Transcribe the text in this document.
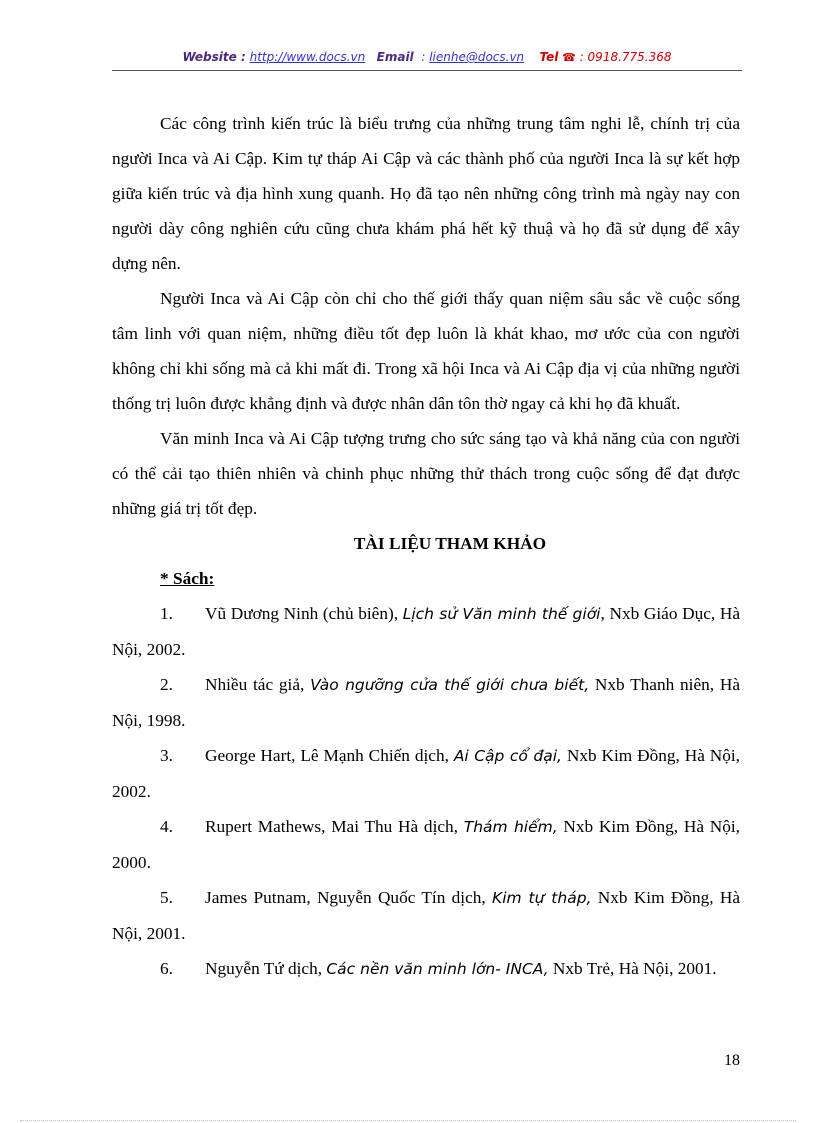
Website : http://www.docs.vn Email : lienhe@docs.vn Tel ☎ : 0918.775.368

Các công trình kiến trúc là biểu trưng của những trung tâm nghi lễ, chính trị của người Inca và Ai Cập. Kim tự tháp Ai Cập và các thành phố của người Inca là sự kết hợp giữa kiến trúc và địa hình xung quanh. Họ đã tạo nên những công trình mà ngày nay con người dày công nghiên cứu cũng chưa khám phá hết kỹ thuậ và họ đã sử dụng để xây dựng nên.

Người Inca và Ai Cập còn chỉ cho thế giới thấy quan niệm sâu sắc về cuộc sống tâm linh với quan niệm, những điều tốt đẹp luôn là khát khao, mơ ước của con người không chỉ khi sống mà cả khi mất đi. Trong xã hội Inca và Ai Cập địa vị của những người thống trị luôn được khẳng định và được nhân dân tôn thờ ngay cả khi họ đã khuất.

Văn minh Inca và Ai Cập tượng trưng cho sức sáng tạo và khả năng của con người có thể cải tạo thiên nhiên và chinh phục những thử thách trong cuộc sống để đạt được những giá trị tốt đẹp.

TÀI LIỆU THAM KHẢO

* Sách:

1. Vũ Dương Ninh (chủ biên), Lịch sử Văn minh thế giới, Nxb Giáo Dục, Hà Nội, 2002.

2. Nhiều tác giả, Vào ngưỡng cửa thế giới chưa biết, Nxb Thanh niên, Hà Nội, 1998.

3. George Hart, Lê Mạnh Chiến dịch, Ai Cập cổ đại, Nxb Kim Đồng, Hà Nội, 2002.

4. Rupert Mathews, Mai Thu Hà dịch, Thám hiểm, Nxb Kim Đồng, Hà Nội, 2000.

5. James Putnam, Nguyễn Quốc Tín dịch, Kim tự tháp, Nxb Kim Đồng, Hà Nội, 2001.

6. Nguyễn Tứ dịch, Các nền văn minh lớn- INCA, Nxb Trẻ, Hà Nội, 2001.

18
